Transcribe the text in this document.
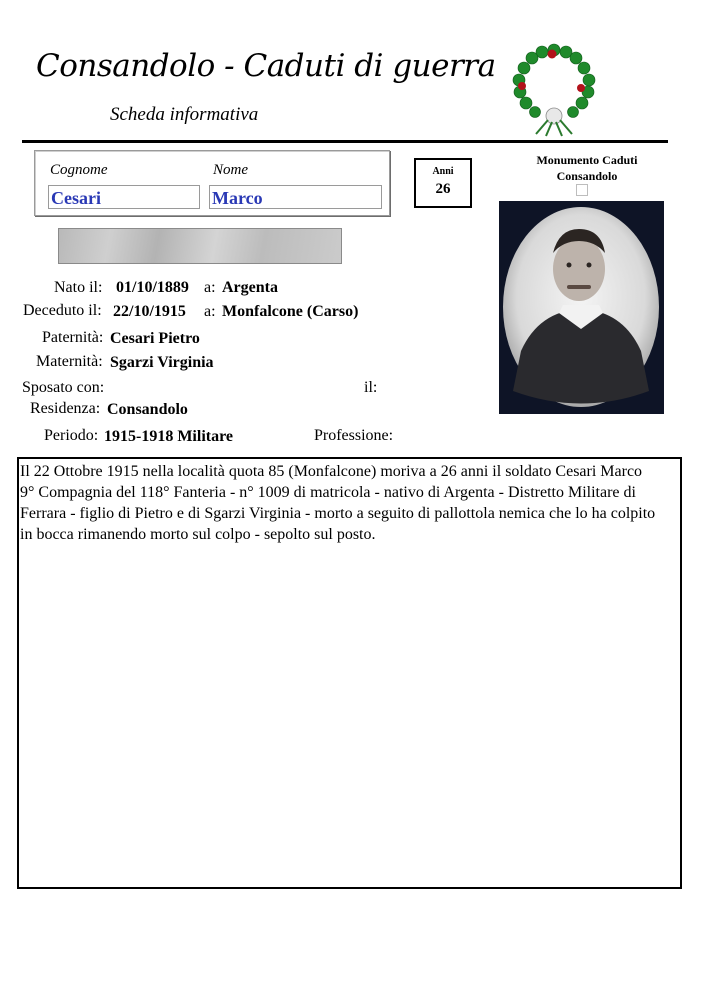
Consandolo - Caduti di guerra
Scheda informativa
Cognome	Nome
Cesari	Marco
Anni
26
Monumento Caduti
Consandolo
Nato il: 01/10/1889 a: Argenta
Deceduto il: 22/10/1915 a: Monfalcone (Carso)
Paternità: Cesari Pietro
Maternità: Sgarzi Virginia
Sposato con:	il:
Residenza: Consandolo
Periodo: 1915-1918 Militare	Professione:
Il 22 Ottobre 1915 nella località quota 85 (Monfalcone) moriva a 26 anni il soldato Cesari Marco
9° Compagnia del 118° Fanteria - n° 1009 di matricola - nativo di Argenta - Distretto Militare di
Ferrara - figlio di Pietro e di Sgarzi Virginia - morto a seguito di pallottola nemica che lo ha colpito
in bocca rimanendo morto sul colpo - sepolto sul posto.
